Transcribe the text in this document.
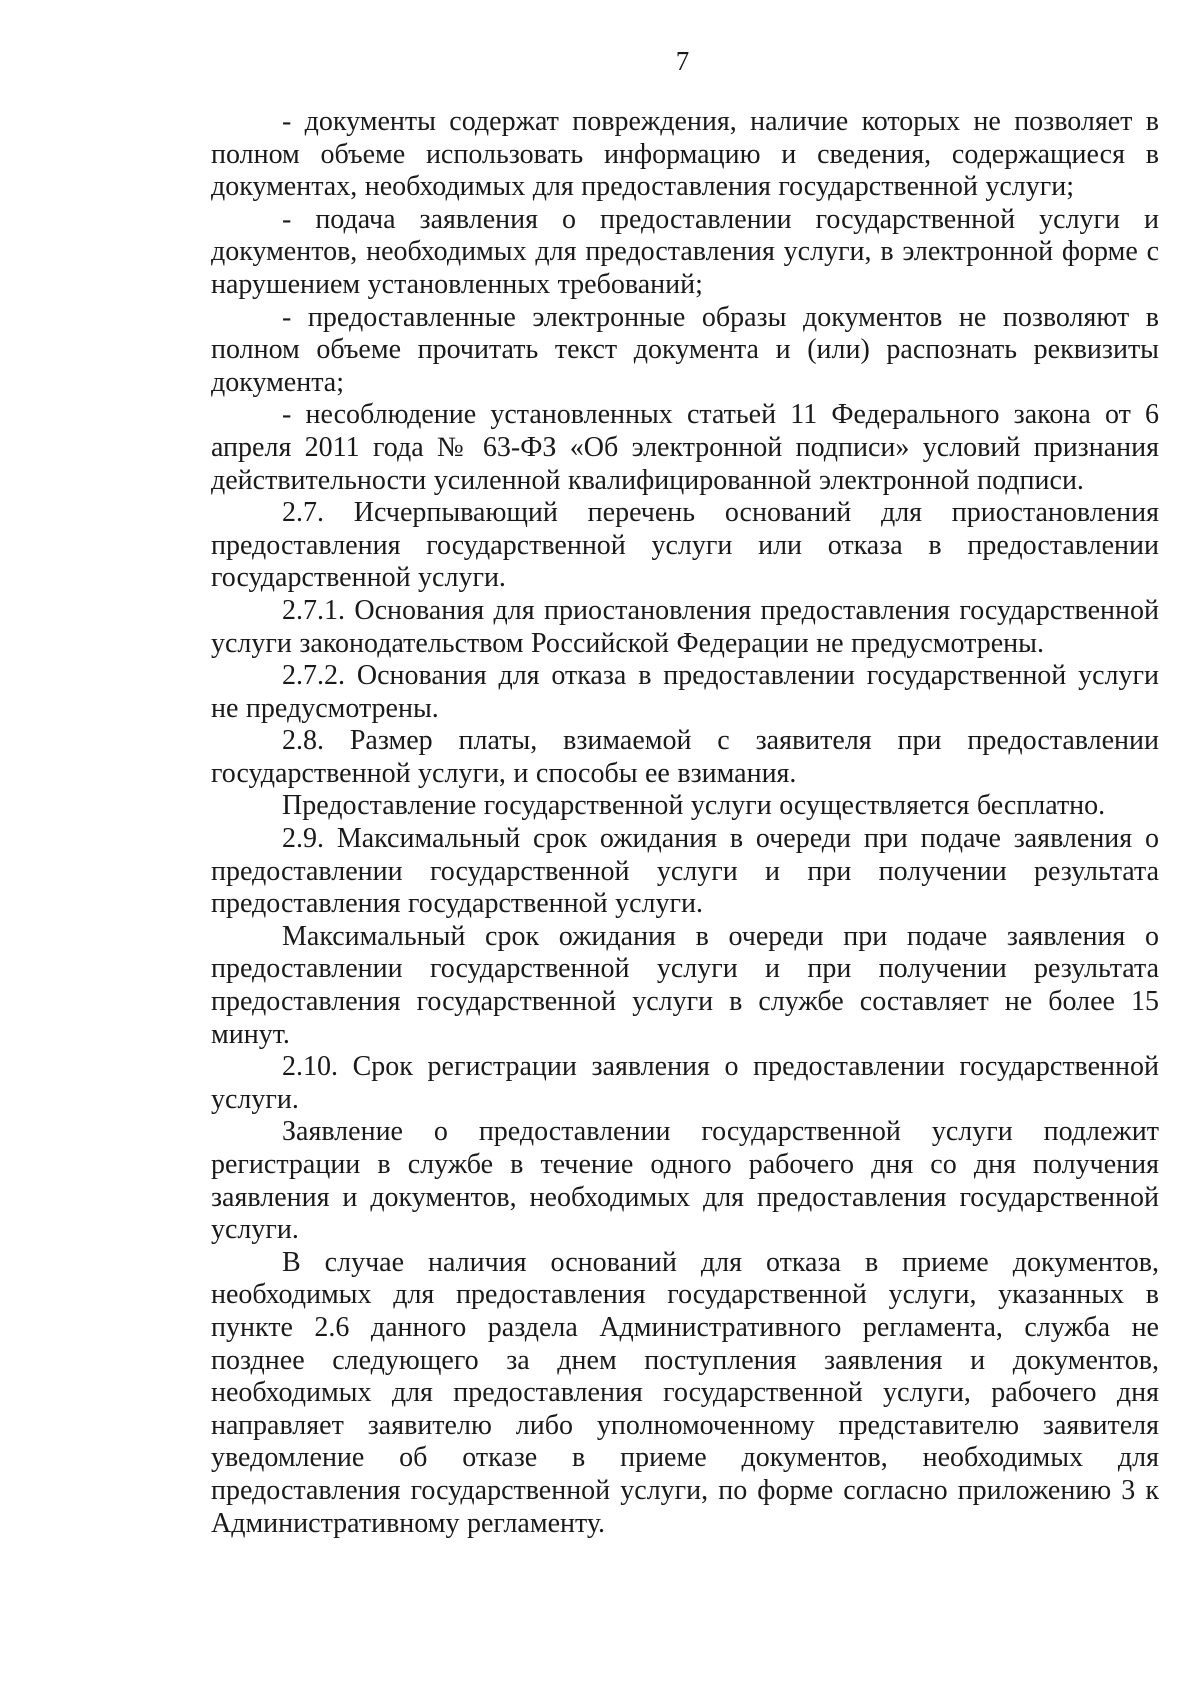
7

- документы содержат повреждения, наличие которых не позволяет в полном объеме использовать информацию и сведения, содержащиеся в документах, необходимых для предоставления государственной услуги;

- подача заявления о предоставлении государственной услуги и документов, необходимых для предоставления услуги, в электронной форме с нарушением установленных требований;

- предоставленные электронные образы документов не позволяют в полном объеме прочитать текст документа и (или) распознать реквизиты документа;

- несоблюдение установленных статьей 11 Федерального закона от 6 апреля 2011 года № 63-ФЗ «Об электронной подписи» условий признания действительности усиленной квалифицированной электронной подписи.

2.7. Исчерпывающий перечень оснований для приостановления предоставления государственной услуги или отказа в предоставлении государственной услуги.

2.7.1. Основания для приостановления предоставления государственной услуги законодательством Российской Федерации не предусмотрены.

2.7.2. Основания для отказа в предоставлении государственной услуги не предусмотрены.

2.8. Размер платы, взимаемой с заявителя при предоставлении государственной услуги, и способы ее взимания.

Предоставление государственной услуги осуществляется бесплатно.

2.9. Максимальный срок ожидания в очереди при подаче заявления о предоставлении государственной услуги и при получении результата предоставления государственной услуги.

Максимальный срок ожидания в очереди при подаче заявления о предоставлении государственной услуги и при получении результата предоставления государственной услуги в службе составляет не более 15 минут.

2.10. Срок регистрации заявления о предоставлении государственной услуги.

Заявление о предоставлении государственной услуги подлежит регистрации в службе в течение одного рабочего дня со дня получения заявления и документов, необходимых для предоставления государственной услуги.

В случае наличия оснований для отказа в приеме документов, необходимых для предоставления государственной услуги, указанных в пункте 2.6 данного раздела Административного регламента, служба не позднее следующего за днем поступления заявления и документов, необходимых для предоставления государственной услуги, рабочего дня направляет заявителю либо уполномоченному представителю заявителя уведомление об отказе в приеме документов, необходимых для предоставления государственной услуги, по форме согласно приложению 3 к Административному регламенту.
